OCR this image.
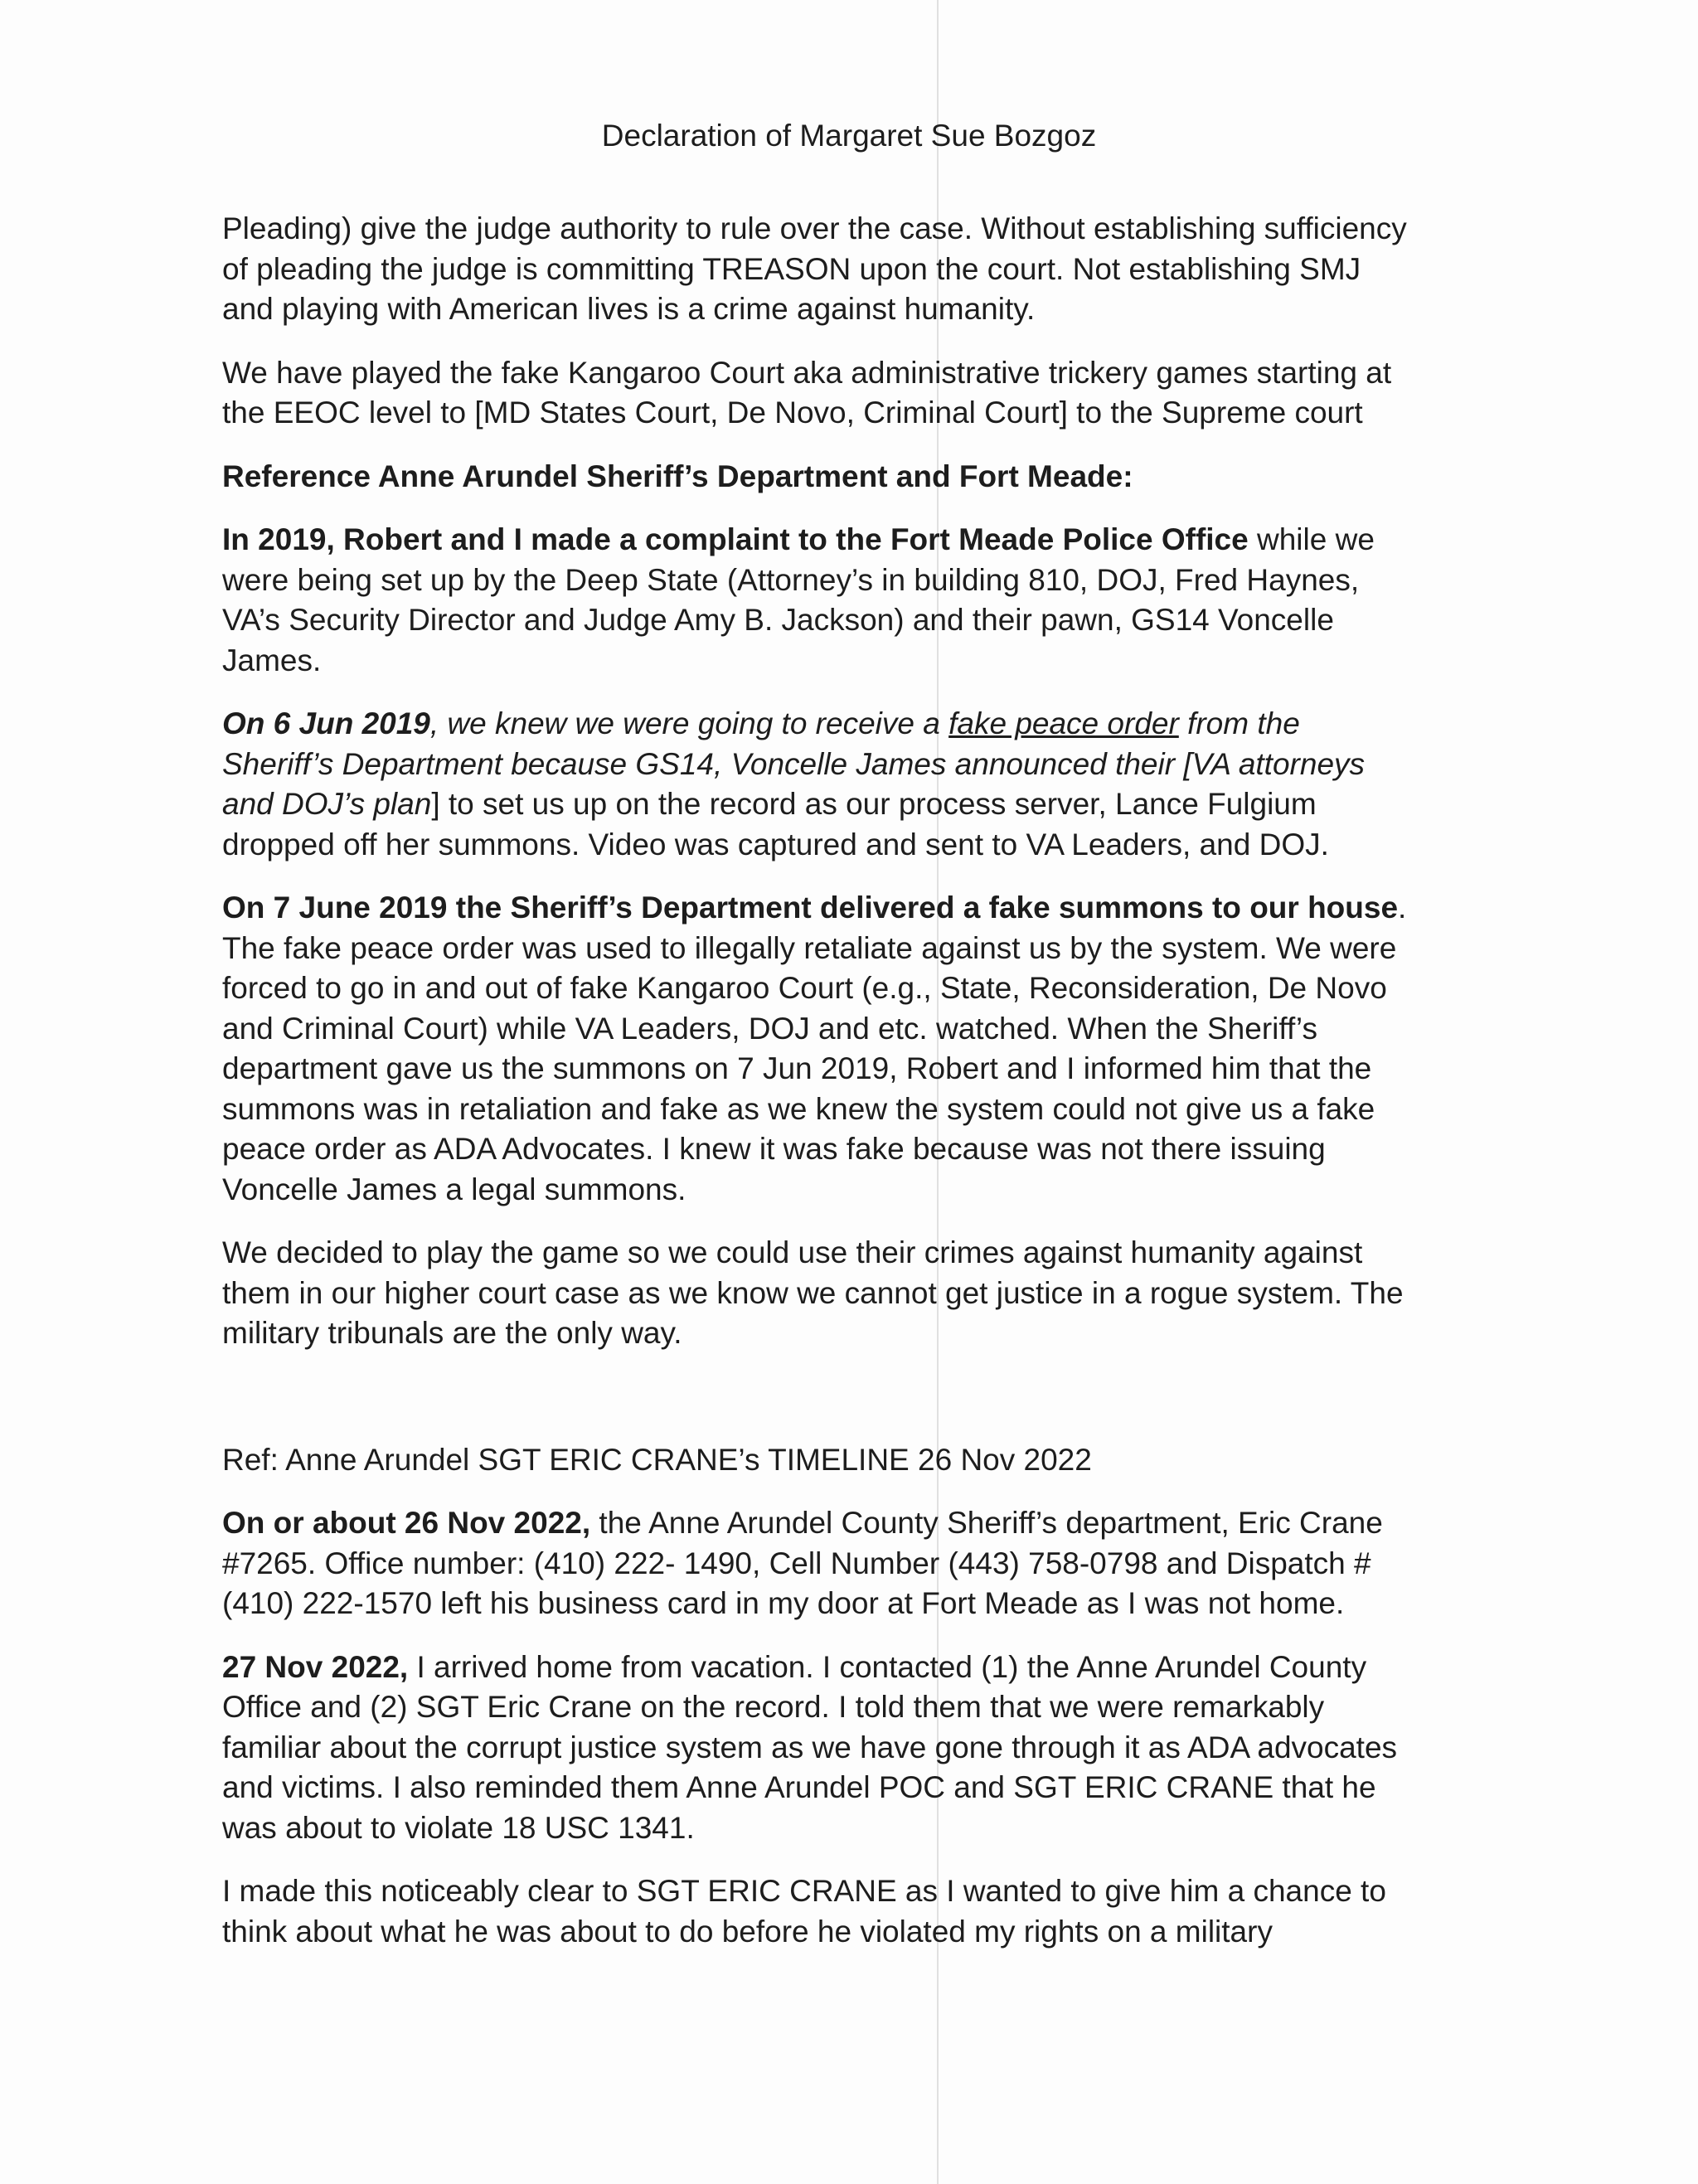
Declaration of Margaret Sue Bozgoz
Pleading) give the judge authority to rule over the case. Without establishing sufficiency
of pleading the judge is committing TREASON upon the court. Not establishing SMJ
and playing with American lives is a crime against humanity.
We have played the fake Kangaroo Court aka administrative trickery games starting at
the EEOC level to [MD States Court, De Novo, Criminal Court] to the Supreme court
Reference Anne Arundel Sheriff’s Department and Fort Meade:
In 2019, Robert and I made a complaint to the Fort Meade Police Office while we
were being set up by the Deep State (Attorney’s in building 810, DOJ, Fred Haynes,
VA’s Security Director and Judge Amy B. Jackson) and their pawn, GS14 Voncelle
James.
On 6 Jun 2019, we knew we were going to receive a fake peace order from the
Sheriff’s Department because GS14, Voncelle James announced their [VA attorneys
and DOJ’s plan] to set us up on the record as our process server, Lance Fulgium
dropped off her summons. Video was captured and sent to VA Leaders, and DOJ.
On 7 June 2019 the Sheriff’s Department delivered a fake summons to our house.
The fake peace order was used to illegally retaliate against us by the system. We were
forced to go in and out of fake Kangaroo Court (e.g., State, Reconsideration, De Novo
and Criminal Court) while VA Leaders, DOJ and etc. watched. When the Sheriff’s
department gave us the summons on 7 Jun 2019, Robert and I informed him that the
summons was in retaliation and fake as we knew the system could not give us a fake
peace order as ADA Advocates. I knew it was fake because was not there issuing
Voncelle James a legal summons.
We decided to play the game so we could use their crimes against humanity against
them in our higher court case as we know we cannot get justice in a rogue system. The
military tribunals are the only way.
Ref: Anne Arundel SGT ERIC CRANE’s TIMELINE 26 Nov 2022
On or about 26 Nov 2022, the Anne Arundel County Sheriff’s department, Eric Crane
#7265. Office number: (410) 222- 1490, Cell Number (443) 758-0798 and Dispatch #
(410) 222-1570 left his business card in my door at Fort Meade as I was not home.
27 Nov 2022, I arrived home from vacation. I contacted (1) the Anne Arundel County
Office and (2) SGT Eric Crane on the record. I told them that we were remarkably
familiar about the corrupt justice system as we have gone through it as ADA advocates
and victims. I also reminded them Anne Arundel POC and SGT ERIC CRANE that he
was about to violate 18 USC 1341.
I made this noticeably clear to SGT ERIC CRANE as I wanted to give him a chance to
think about what he was about to do before he violated my rights on a military
